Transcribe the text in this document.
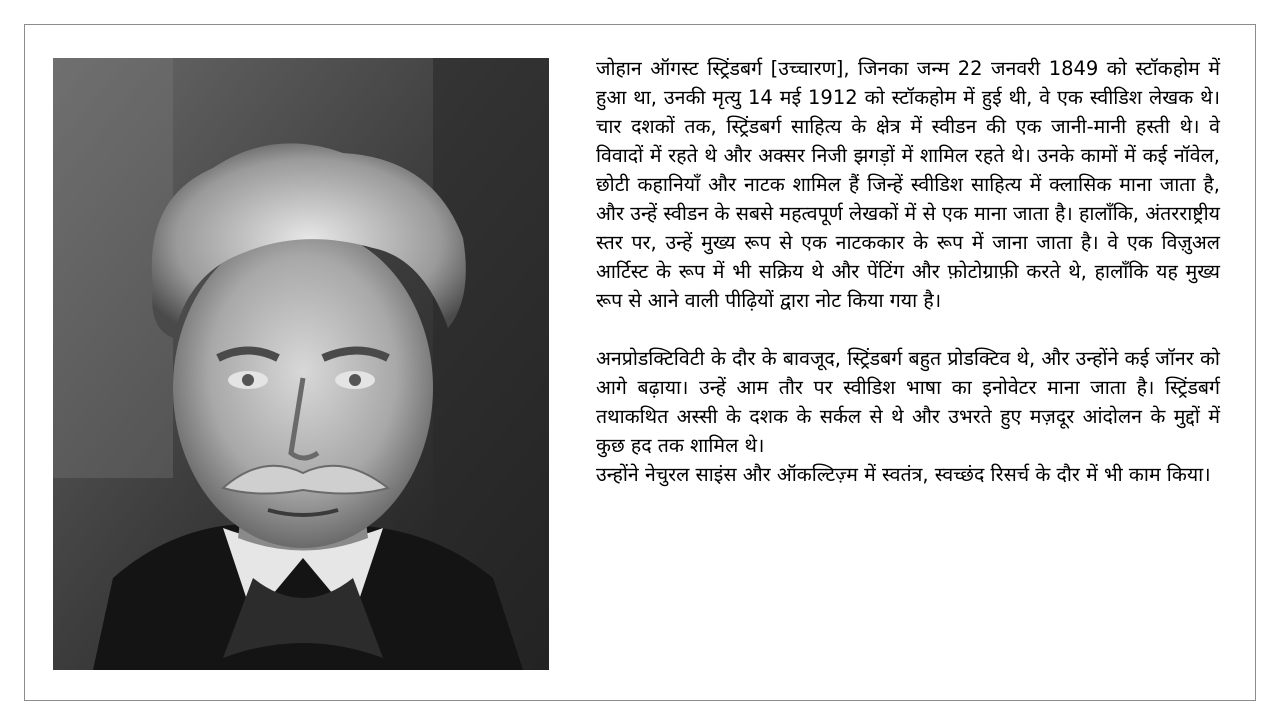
जोहान ऑगस्ट स्ट्रिंडबर्ग [उच्चारण], जिनका जन्म 22 जनवरी 1849 को स्टॉकहोम में हुआ था, उनकी मृत्यु 14 मई 1912 को स्टॉकहोम में हुई थी, वे एक स्वीडिश लेखक थे। चार दशकों तक, स्ट्रिंडबर्ग साहित्य के क्षेत्र में स्वीडन की एक जानी-मानी हस्ती थे। वे विवादों में रहते थे और अक्सर निजी झगड़ों में शामिल रहते थे। उनके कामों में कई नॉवेल, छोटी कहानियाँ और नाटक शामिल हैं जिन्हें स्वीडिश साहित्य में क्लासिक माना जाता है, और उन्हें स्वीडन के सबसे महत्वपूर्ण लेखकों में से एक माना जाता है। हालाँकि, अंतरराष्ट्रीय स्तर पर, उन्हें मुख्य रूप से एक नाटककार के रूप में जाना जाता है। वे एक विज़ुअल आर्टिस्ट के रूप में भी सक्रिय थे और पेंटिंग और फ़ोटोग्राफ़ी करते थे, हालाँकि यह मुख्य रूप से आने वाली पीढ़ियों द्वारा नोट किया गया है।

अनप्रोडक्टिविटी के दौर के बावजूद, स्ट्रिंडबर्ग बहुत प्रोडक्टिव थे, और उन्होंने कई जॉनर को आगे बढ़ाया। उन्हें आम तौर पर स्वीडिश भाषा का इनोवेटर माना जाता है। स्ट्रिंडबर्ग तथाकथित अस्सी के दशक के सर्कल से थे और उभरते हुए मज़दूर आंदोलन के मुद्दों में कुछ हद तक शामिल थे।

उन्होंने नेचुरल साइंस और ऑकल्टिज़्म में स्वतंत्र, स्वच्छंद रिसर्च के दौर में भी काम किया।
